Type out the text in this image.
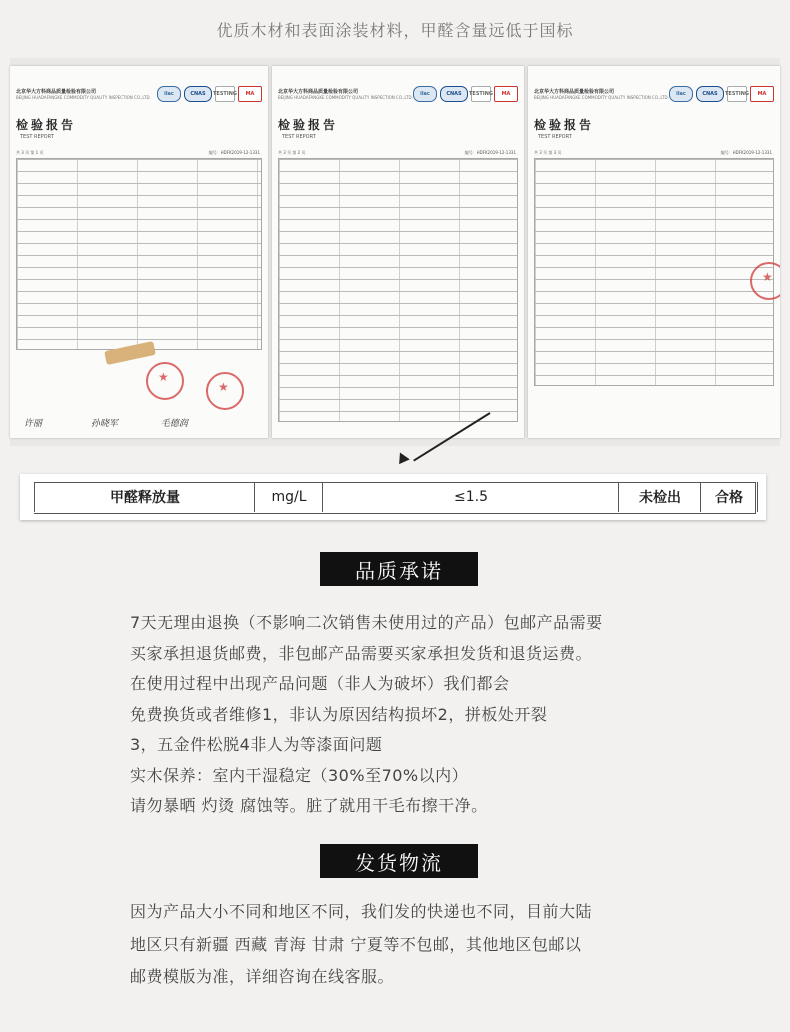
优质木材和表面涂装材料，甲醛含量远低于国标
北京华大方科商品质量检验有限公司
BEIJING HUADAFANGKE COMMODITY QUALITY INSPECTION CO.,LTD.
ilac	CNAS	TESTING	MA
检验报告
TEST REPORT
共 3 页 第 1 页	编号：HDFK2019-12-1331
★
★
许丽	孙晓军	毛德润
北京华大方科商品质量检验有限公司
BEIJING HUADAFANGKE COMMODITY QUALITY INSPECTION CO.,LTD.
ilac	CNAS	TESTING	MA
检验报告
TEST REPORT
共 3 页 第 2 页	编号：HDFK2019-12-1331
北京华大方科商品质量检验有限公司
BEIJING HUADAFANGKE COMMODITY QUALITY INSPECTION CO.,LTD.
ilac	CNAS	TESTING	MA
检验报告
TEST REPORT
共 3 页 第 3 页	编号：HDFK2019-12-1331
★
甲醛释放量	mg/L	≤1.5	未检出	合格
品质承诺

7天无理由退换（不影响二次销售未使用过的产品）包邮产品需要

买家承担退货邮费，非包邮产品需要买家承担发货和退货运费。

在使用过程中出现产品问题（非人为破坏）我们都会

免费换货或者维修1，非认为原因结构损坏2，拼板处开裂

3，五金件松脱4非人为等漆面问题

实木保养：室内干湿稳定（30%至70%以内）

请勿暴晒 灼烫 腐蚀等。脏了就用干毛布擦干净。

发货物流

因为产品大小不同和地区不同，我们发的快递也不同，目前大陆

地区只有新疆 西藏 青海 甘肃 宁夏等不包邮，其他地区包邮以

邮费模版为准，详细咨询在线客服。
